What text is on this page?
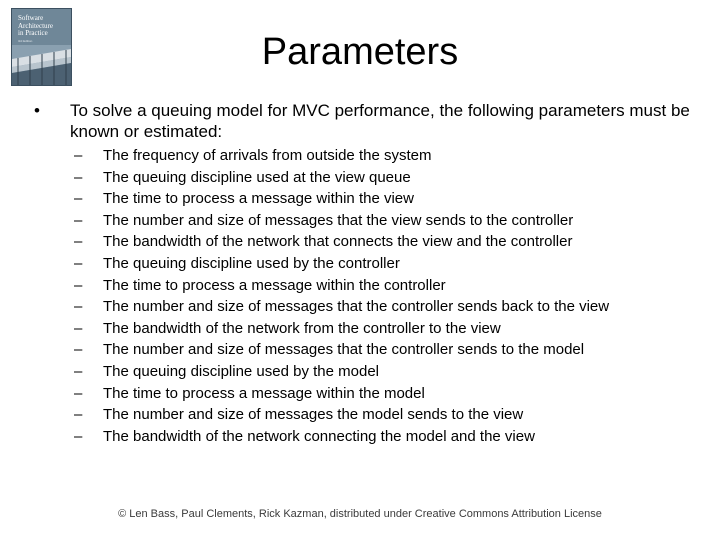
Software
Architecture
in Practice
3rd Edition	Parameters
• To solve a queuing model for MVC performance, the following parameters must be known or estimated:
– The frequency of arrivals from outside the system
– The queuing discipline used at the view queue
– The time to process a message within the view
– The number and size of messages that the view sends to the controller
– The bandwidth of the network that connects the view and the controller
– The queuing discipline used by the controller
– The time to process a message within the controller
– The number and size of messages that the controller sends back to the view
– The bandwidth of the network from the controller to the view
– The number and size of messages that the controller sends to the model
– The queuing discipline used by the model
– The time to process a message within the model
– The number and size of messages the model sends to the view
– The bandwidth of the network connecting the model and the view
© Len Bass, Paul Clements, Rick Kazman, distributed under Creative Commons Attribution License
